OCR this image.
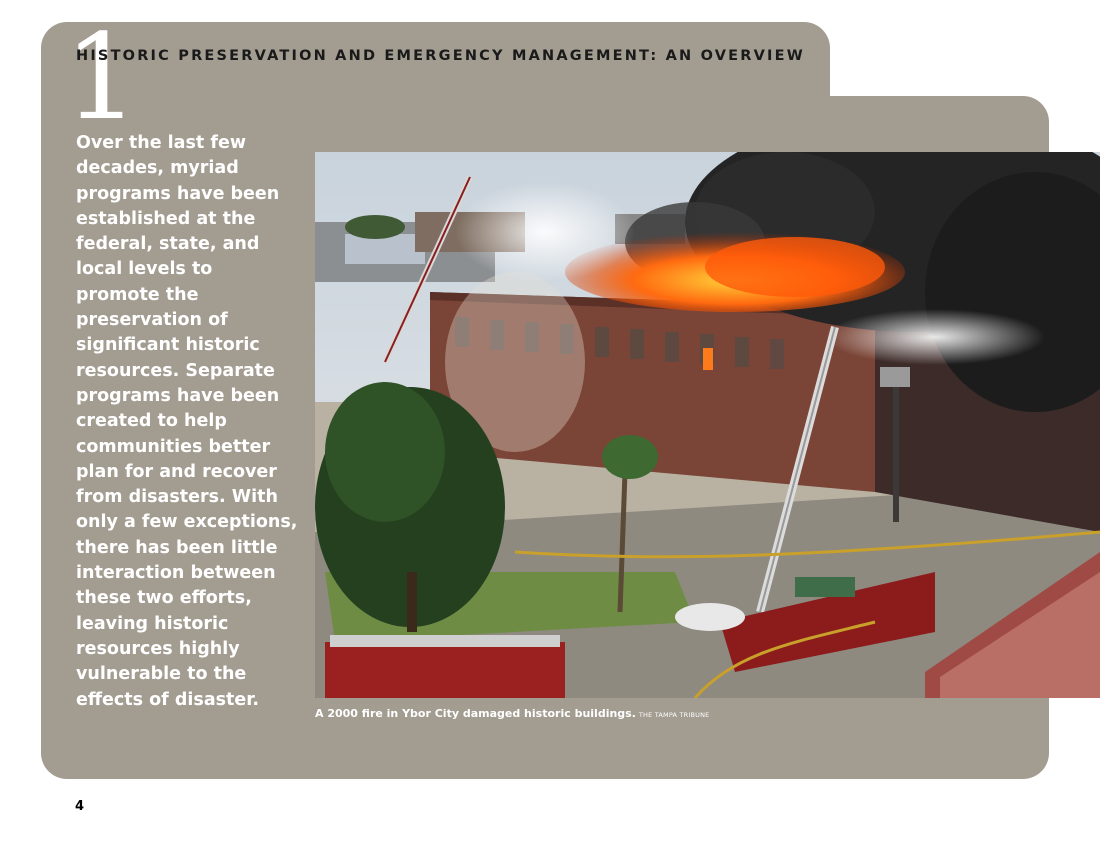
1
HISTORIC PRESERVATION AND EMERGENCY MANAGEMENT: AN OVERVIEW

Over the last few decades, myriad programs have been established at the federal, state, and local levels to promote the preservation of significant historic resources. Separate programs have been created to help communities better plan for and recover from disasters. With only a few exceptions, there has been little interaction between these two efforts, leaving historic resources highly vulnerable to the effects of disaster.

A 2000 fire in Ybor City damaged historic buildings. THE TAMPA TRIBUNE
4
